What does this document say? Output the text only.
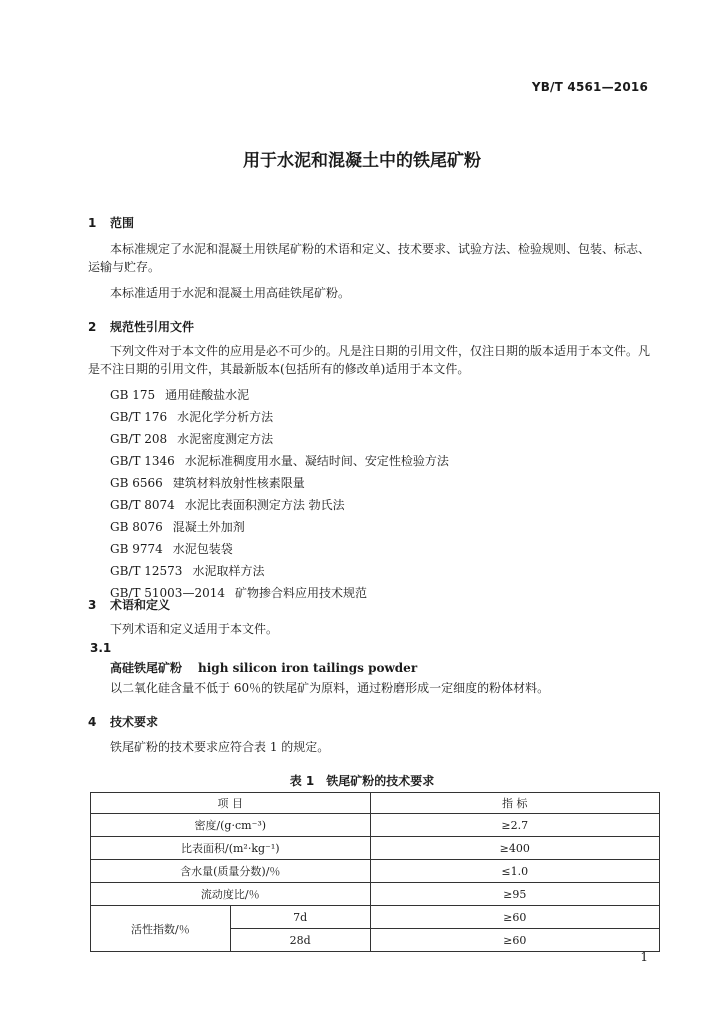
YB/T 4561—2016
用于水泥和混凝土中的铁尾矿粉
1 范围
本标准规定了水泥和混凝土用铁尾矿粉的术语和定义、技术要求、试验方法、检验规则、包装、标志、运输与贮存。
本标准适用于水泥和混凝土用高硅铁尾矿粉。
2 规范性引用文件
下列文件对于本文件的应用是必不可少的。凡是注日期的引用文件，仅注日期的版本适用于本文件。凡是不注日期的引用文件，其最新版本(包括所有的修改单)适用于本文件。
GB 175 通用硅酸盐水泥
GB/T 176 水泥化学分析方法
GB/T 208 水泥密度测定方法
GB/T 1346 水泥标准稠度用水量、凝结时间、安定性检验方法
GB 6566 建筑材料放射性核素限量
GB/T 8074 水泥比表面积测定方法 勃氏法
GB 8076 混凝土外加剂
GB 9774 水泥包装袋
GB/T 12573 水泥取样方法
GB/T 51003—2014 矿物掺合料应用技术规范
3 术语和定义
下列术语和定义适用于本文件。
3.1
高硅铁尾矿粉 high silicon iron tailings powder
以二氧化硅含量不低于 60％的铁尾矿为原料，通过粉磨形成一定细度的粉体材料。
4 技术要求
铁尾矿粉的技术要求应符合表 1 的规定。
表 1 铁尾矿粉的技术要求
项 目		指 标
密度/(g·cm⁻³)		≥2.7
比表面积/(m²·kg⁻¹)		≥400
含水量(质量分数)/％		≤1.0
流动度比/％		≥95
活性指数/％	7d	≥60
	28d	≥60
1
